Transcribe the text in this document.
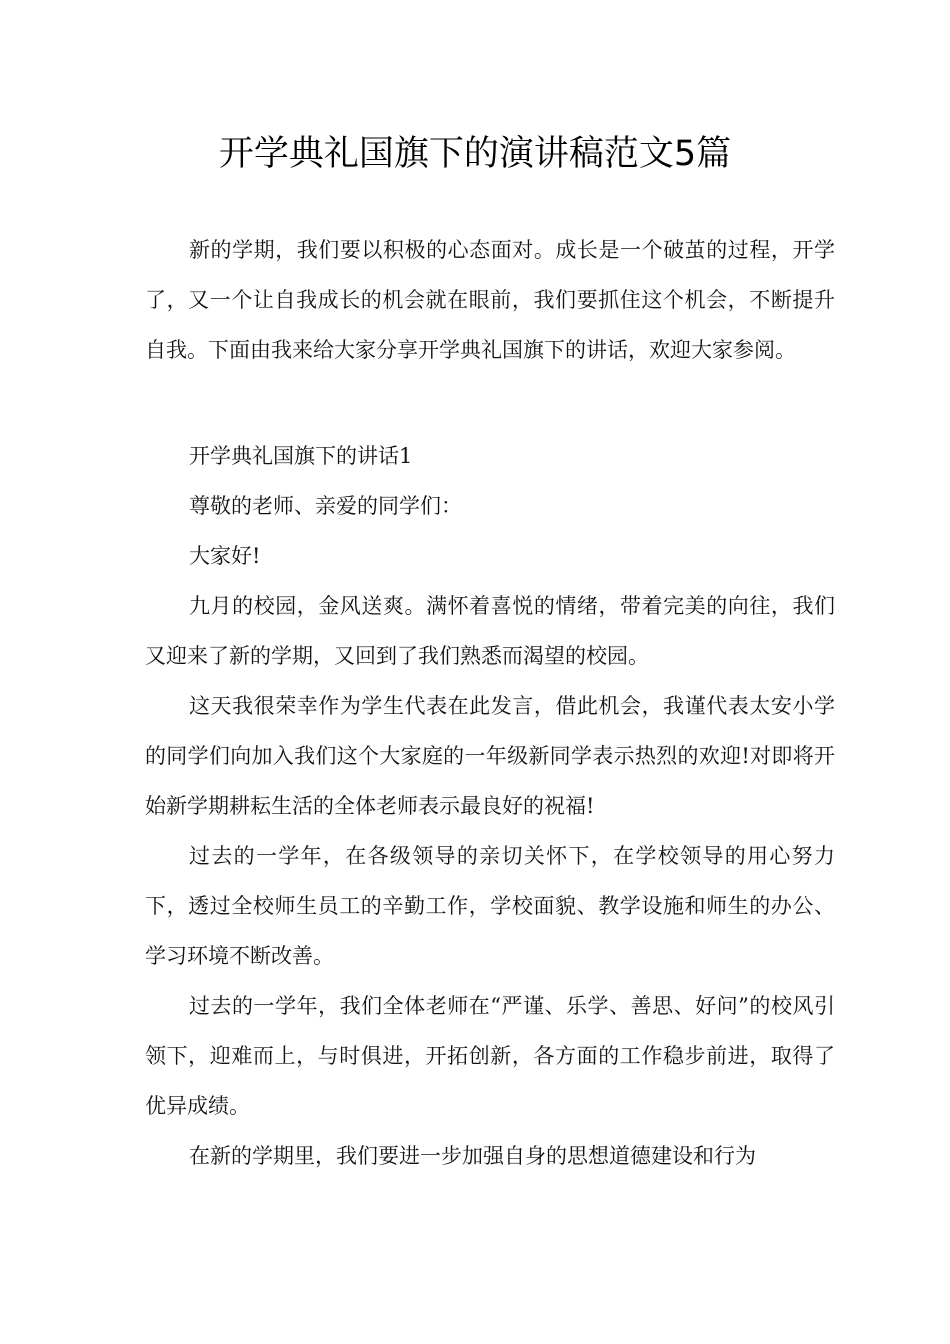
开学典礼国旗下的演讲稿范文5篇

新的学期，我们要以积极的心态面对。成长是一个破茧的过程，开学了，又一个让自我成长的机会就在眼前，我们要抓住这个机会，不断提升自我。下面由我来给大家分享开学典礼国旗下的讲话，欢迎大家参阅。

开学典礼国旗下的讲话1

尊敬的老师、亲爱的同学们：

大家好!

九月的校园，金风送爽。满怀着喜悦的情绪，带着完美的向往，我们又迎来了新的学期，又回到了我们熟悉而渴望的校园。

这天我很荣幸作为学生代表在此发言，借此机会，我谨代表太安小学的同学们向加入我们这个大家庭的一年级新同学表示热烈的欢迎!对即将开始新学期耕耘生活的全体老师表示最良好的祝福!

过去的一学年，在各级领导的亲切关怀下，在学校领导的用心努力下，透过全校师生员工的辛勤工作，学校面貌、教学设施和师生的办公、学习环境不断改善。

过去的一学年，我们全体老师在“严谨、乐学、善思、好问”的校风引领下，迎难而上，与时俱进，开拓创新，各方面的工作稳步前进，取得了优异成绩。

在新的学期里，我们要进一步加强自身的思想道德建设和行为
